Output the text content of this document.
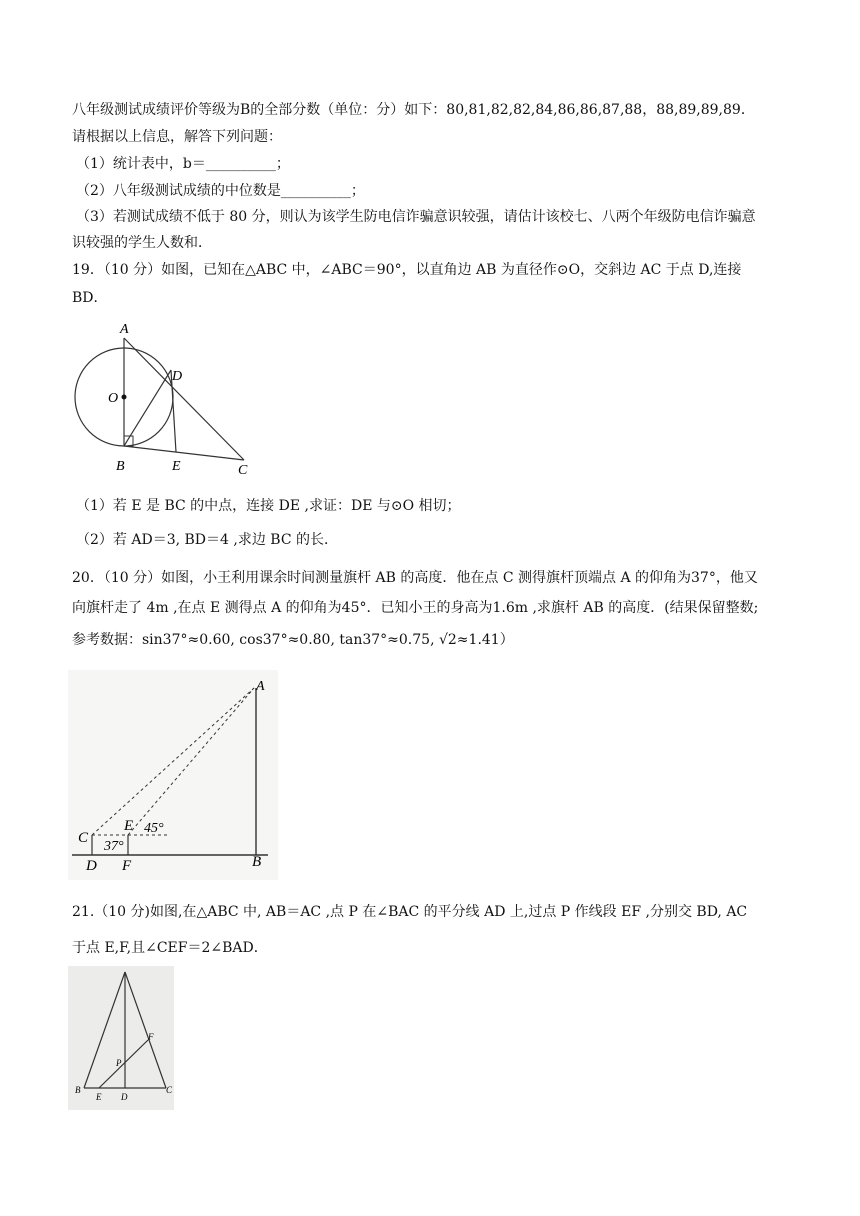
八年级测试成绩评价等级为B的全部分数（单位：分）如下：80,81,82,82,84,86,86,87,88，88,89,89,89．
请根据以上信息，解答下列问题：
（1）统计表中，b＝__________；
（2）八年级测试成绩的中位数是__________；
（3）若测试成绩不低于 80 分，则认为该学生防电信诈骗意识较强，请估计该校七、八两个年级防电信诈骗意
识较强的学生人数和．
19．（10 分）如图，已知在△ABC 中，∠ABC＝90°，以直角边 AB 为直径作⊙O，交斜边 AC 于点 D,连接
BD．
A
O
D
B	E	C
（1）若 E 是 BC 的中点，连接 DE ,求证：DE 与⊙O 相切；
（2）若 AD＝3, BD＝4 ,求边 BC 的长．
20．（10 分）如图，小王利用课余时间测量旗杆 AB 的高度．他在点 C 测得旗杆顶端点 A 的仰角为37°，他又
向旗杆走了 4m ,在点 E 测得点 A 的仰角为45°．已知小王的身高为1.6m ,求旗杆 AB 的高度．(结果保留整数;
参考数据：sin37°≈0.60, cos37°≈0.80, tan37°≈0.75, √2≈1.41）
A
C
E 45°
37°
D F	B
21.（10 分)如图,在△ABC 中, AB＝AC ,点 P 在∠BAC 的平分线 AD 上,过点 P 作线段 EF ,分别交 BD, AC
于点 E,F,且∠CEF＝2∠BAD．
F
P
B
E D
C
